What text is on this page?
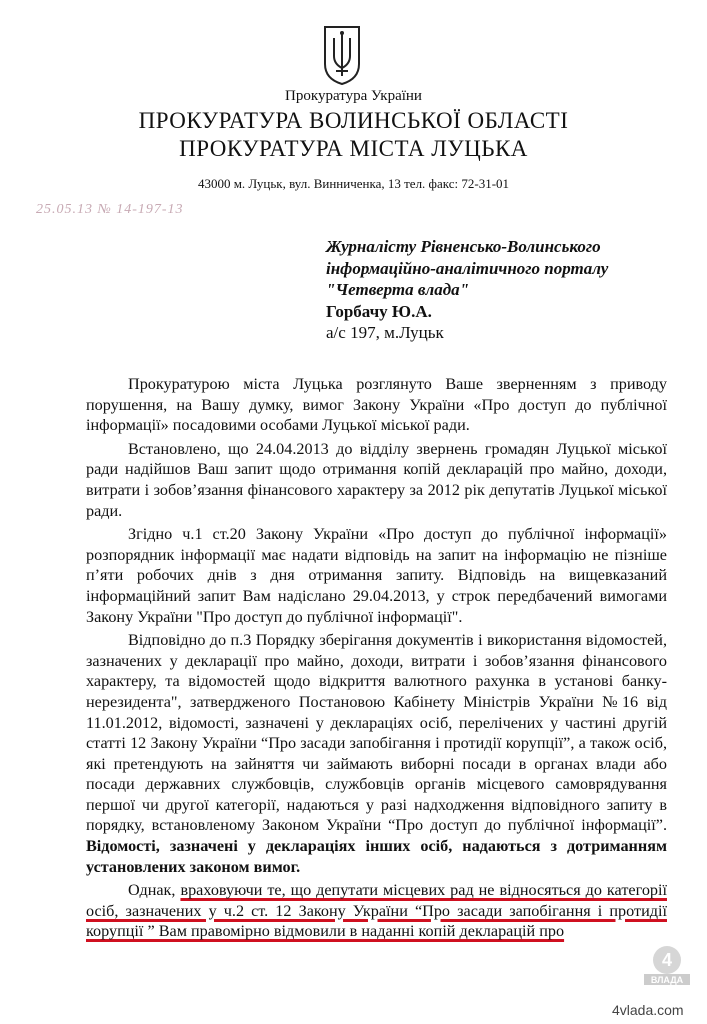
Прокуратура України
ПРОКУРАТУРА ВОЛИНСЬКОЇ ОБЛАСТІ
ПРОКУРАТУРА МІСТА ЛУЦЬКА
43000 м. Луцьк, вул. Винниченка, 13 тел. факс: 72-31-01
25.05.13 № 14-197-13
Журналісту Рівненсько-Волинського
інформаційно-аналітичного порталу
"Четверта влада"
Горбачу Ю.А.
а/с 197, м.Луцьк

Прокуратурою міста Луцька розглянуто Ваше зверненням з приводу порушення, на Вашу думку, вимог Закону України «Про доступ до публічної інформації» посадовими особами Луцької міської ради.

Встановлено, що 24.04.2013 до відділу звернень громадян Луцької міської ради надійшов Ваш запит щодо отримання копій декларацій про майно, доходи, витрати і зобов’язання фінансового характеру за 2012 рік депутатів Луцької міської ради.

Згідно ч.1 ст.20 Закону України «Про доступ до публічної інформації» розпорядник інформації має надати відповідь на запит на інформацію не пізніше п’яти робочих днів з дня отримання запиту. Відповідь на вищевказаний інформаційний запит Вам надіслано 29.04.2013, у строк передбачений вимогами Закону України "Про доступ до публічної інформації".

Відповідно до п.3 Порядку зберігання документів і використання відомостей, зазначених у декларації про майно, доходи, витрати і зобов’язання фінансового характеру, та відомостей щодо відкриття валютного рахунка в установі банку-нерезидента", затвердженого Постановою Кабінету Міністрів України №16 від 11.01.2012, відомості, зазначені у деклараціях осіб, перелічених у частині другій статті 12 Закону України “Про засади запобігання і протидії корупції”, а також осіб, які претендують на зайняття чи займають виборні посади в органах влади або посади державних службовців, службовців органів місцевого самоврядування першої чи другої категорії, надаються у разі надходження відповідного запиту в порядку, встановленому Законом України “Про доступ до публічної інформації”. Відомості, зазначені у деклараціях інших осіб, надаються з дотриманням установлених законом вимог.

Однак, враховуючи те, що депутати місцевих рад не відносяться до категорії осіб, зазначених у ч.2 ст. 12 Закону України “Про засади запобігання і протидії корупції ” Вам правомірно відмовили в наданні копій декларацій про

4
ВЛАДА
4vlada.com
